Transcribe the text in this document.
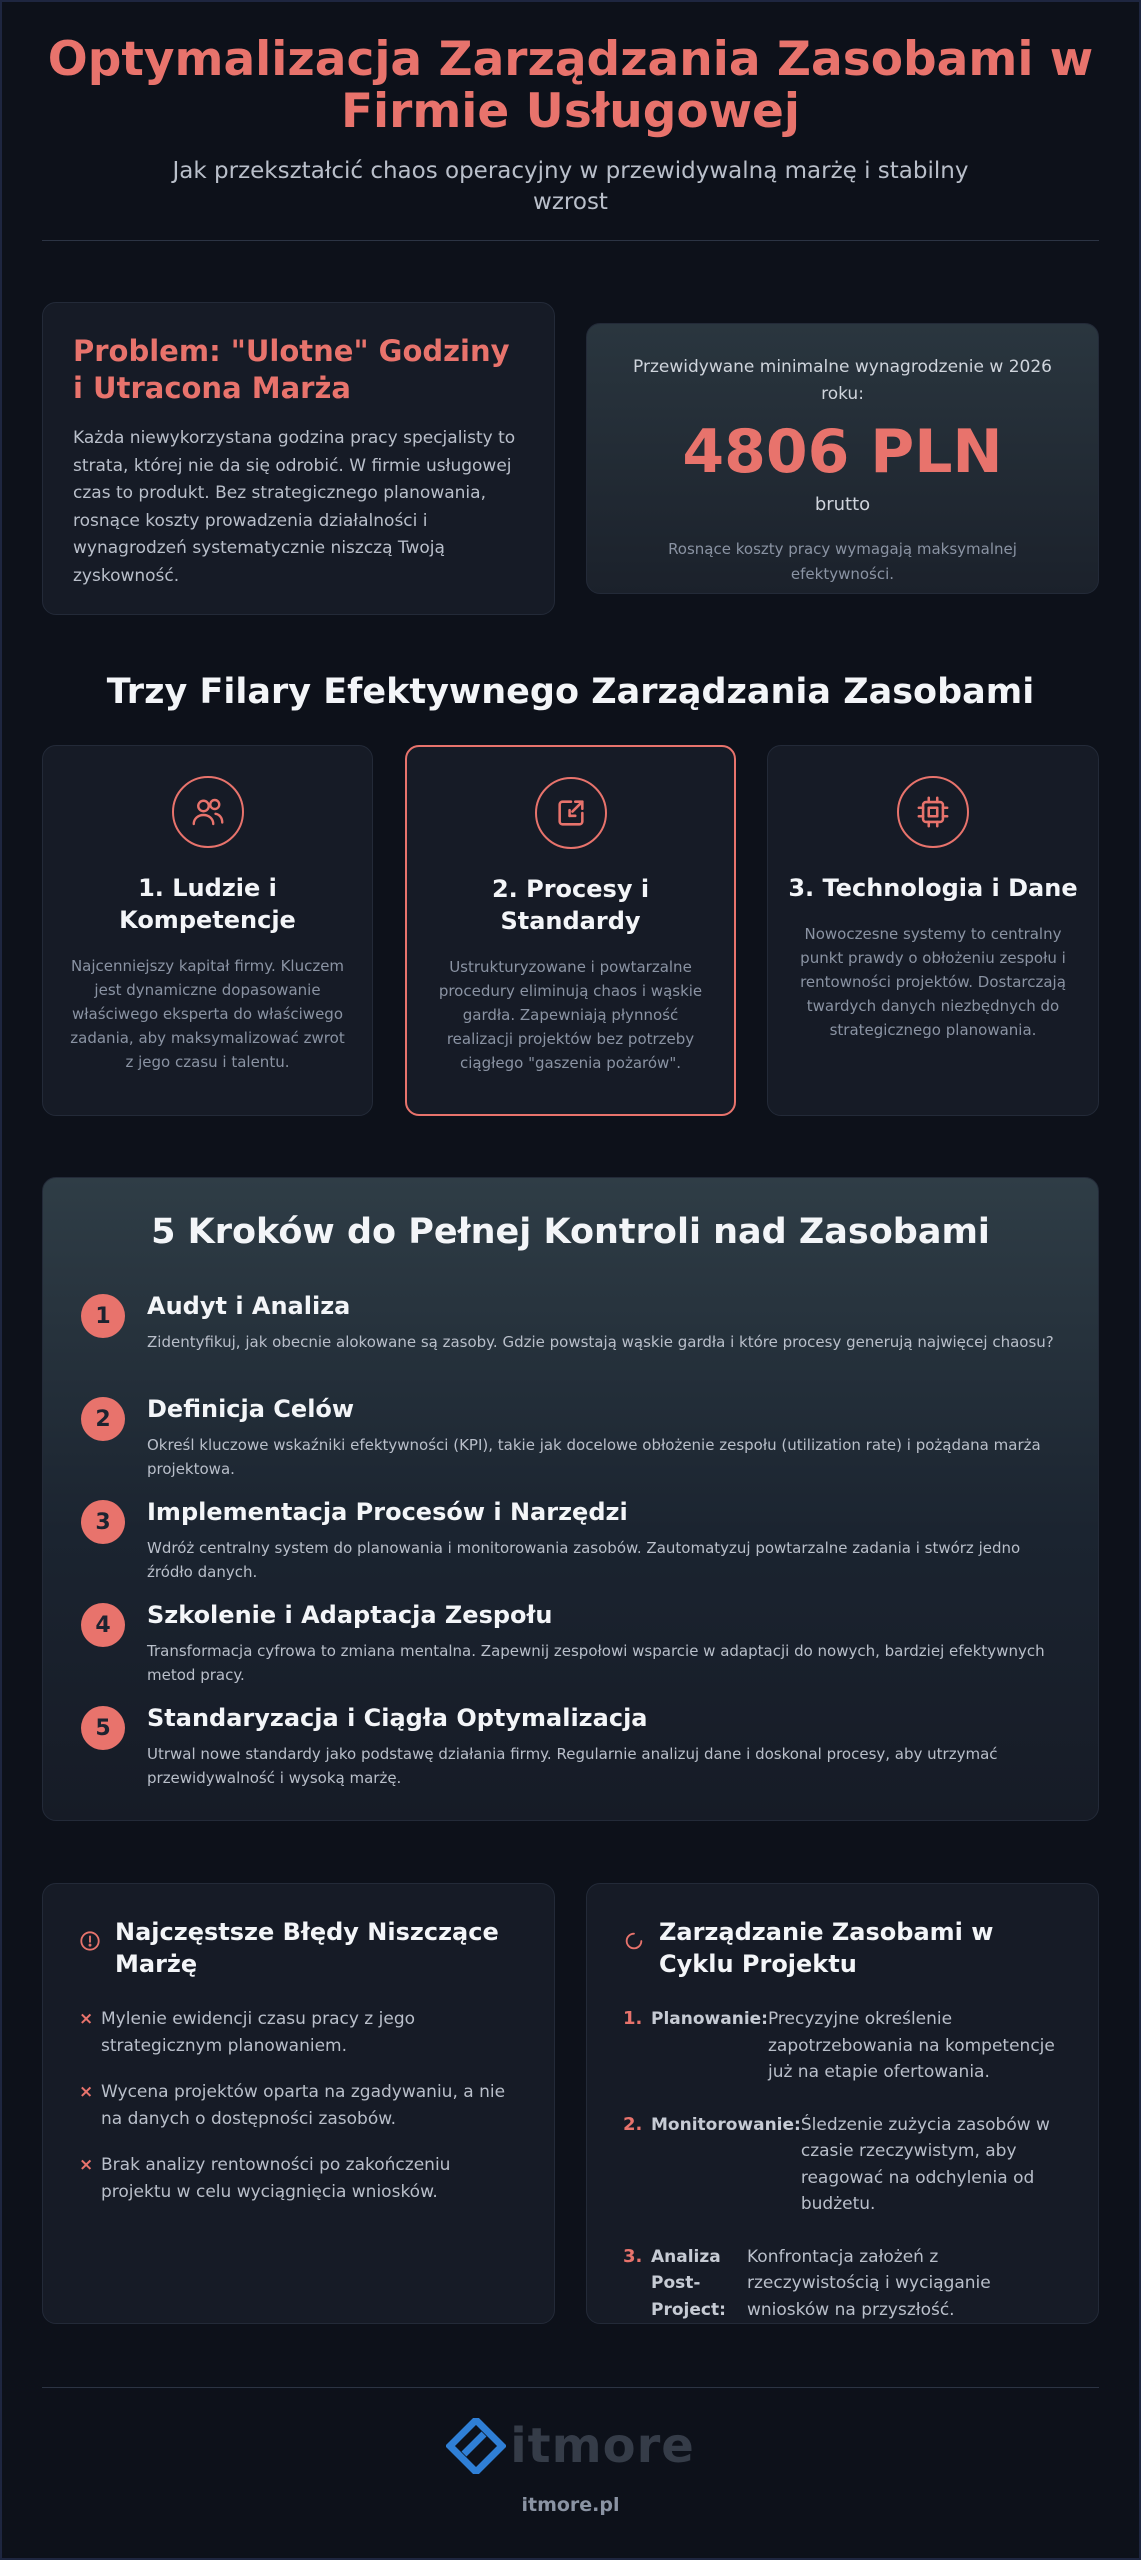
Optymalizacja Zarządzania Zasobami w Firmie Usługowej

Jak przekształcić chaos operacyjny w przewidywalną marżę i stabilny wzrost

Problem: "Ulotne" Godziny i Utracona Marża

Każda niewykorzystana godzina pracy specjalisty to strata, której nie da się odrobić. W firmie usługowej czas to produkt. Bez strategicznego planowania, rosnące koszty prowadzenia działalności i wynagrodzeń systematycznie niszczą Twoją zyskowność.

Przewidywane minimalne wynagrodzenie w 2026 roku:

4806 PLN
brutto

Rosnące koszty pracy wymagają maksymalnej efektywności.

Trzy Filary Efektywnego Zarządzania Zasobami
1. Ludzie i Kompetencje
Najcenniejszy kapitał firmy. Kluczem jest dynamiczne dopasowanie właściwego eksperta do właściwego zadania, aby maksymalizować zwrot z jego czasu i talentu.
2. Procesy i Standardy
Ustrukturyzowane i powtarzalne procedury eliminują chaos i wąskie gardła. Zapewniają płynność realizacji projektów bez potrzeby ciągłego "gaszenia pożarów".
3. Technologia i Dane
Nowoczesne systemy to centralny punkt prawdy o obłożeniu zespołu i rentowności projektów. Dostarczają twardych danych niezbędnych do strategicznego planowania.
5 Kroków do Pełnej Kontroli nad Zasobami
1	Audyt i Analiza
Zidentyfikuj, jak obecnie alokowane są zasoby. Gdzie powstają wąskie gardła i które procesy generują najwięcej chaosu?
2	Definicja Celów
Określ kluczowe wskaźniki efektywności (KPI), takie jak docelowe obłożenie zespołu (utilization rate) i pożądana marża projektowa.
3	Implementacja Procesów i Narzędzi
Wdróż centralny system do planowania i monitorowania zasobów. Zautomatyzuj powtarzalne zadania i stwórz jedno źródło danych.
4	Szkolenie i Adaptacja Zespołu
Transformacja cyfrowa to zmiana mentalna. Zapewnij zespołowi wsparcie w adaptacji do nowych, bardziej efektywnych metod pracy.
5	Standaryzacja i Ciągła Optymalizacja
Utrwal nowe standardy jako podstawę działania firmy. Regularnie analizuj dane i doskonal procesy, aby utrzymać przewidywalność i wysoką marżę.
Najczęstsze Błędy Niszczące Marżę
× Mylenie ewidencji czasu pracy z jego strategicznym planowaniem.
× Wycena projektów oparta na zgadywaniu, a nie na danych o dostępności zasobów.
× Brak analizy rentowności po zakończeniu projektu w celu wyciągnięcia wniosków.
Zarządzanie Zasobami w Cyklu Projektu
1. Planowanie: Precyzyjne określenie zapotrzebowania na kompetencje już na etapie ofertowania.
2. Monitorowanie: Śledzenie zużycia zasobów w czasie rzeczywistym, aby reagować na odchylenia od budżetu.
3. Analiza Post-Project:
Konfrontacja założeń z rzeczywistością i wyciąganie wniosków na przyszłość.
itmore
itmore.pl
